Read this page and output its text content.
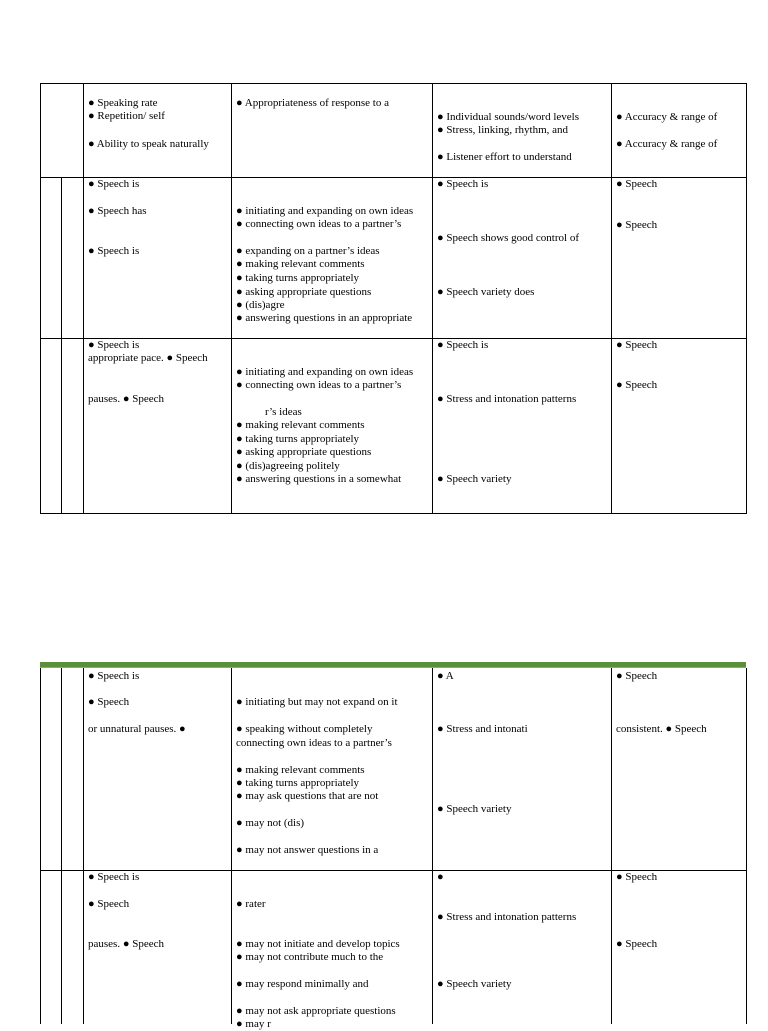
● Speaking rate
● Repetition/ self
● Ability to speak naturally
● Appropriateness of response to a
● Individual sounds/word levels
● Stress, linking, rhythm, and
● Listener effort to understand
● Accuracy & range of
● Accuracy & range of
● Speech is
● Speech has
● Speech is
● initiating and expanding on own ideas
● connecting own ideas to a partner’s
● expanding on a partner’s ideas
● making relevant comments
● taking turns appropriately
● asking appropriate questions
● (dis)agre
● answering questions in an appropriate
● Speech is
● Speech shows good control of
● Speech variety does
● Speech
● Speech
● Speech is
appropriate pace. ● Speech
pauses. ● Speech
● initiating and expanding on own ideas
● connecting own ideas to a partner’s
r’s ideas
● making relevant comments
● taking turns appropriately
● asking appropriate questions
● (dis)agreeing politely
● answering questions in a somewhat
● Speech is
● Stress and intonation patterns
● Speech variety
● Speech
● Speech
● Speech is
● Speech
or unnatural pauses. ●
● initiating but may not expand on it
● speaking without completely
connecting own ideas to a partner’s
● making relevant comments
● taking turns appropriately
● may ask questions that are not
● may not (dis)
● may not answer questions in a
● A
● Stress and intonati
● Speech variety
● Speech
consistent. ● Speech
● Speech is
● Speech
pauses. ● Speech
● rater
● may not initiate and develop topics
● may not contribute much to the
● may respond minimally and
● may not ask appropriate questions
● may r
●
● Stress and intonation patterns
● Speech variety
● Speech
● Speech
